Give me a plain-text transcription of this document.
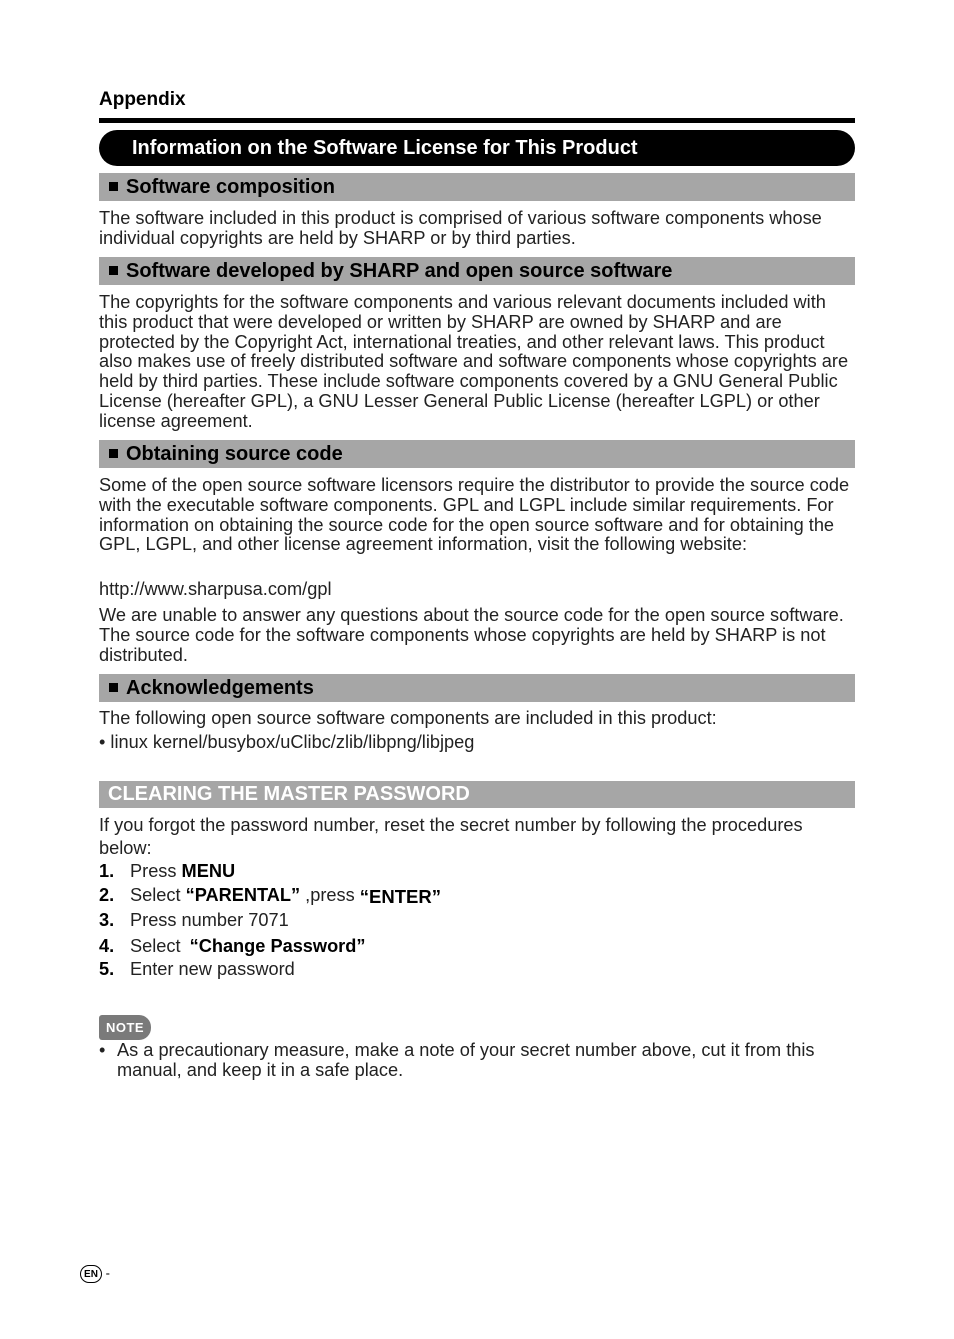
Appendix
Information on the Software License for This Product
Software composition
The software included in this product is comprised of various software components whose individual copyrights are held by SHARP or by third parties.
Software developed by SHARP and open source software
The copyrights for the software components and various relevant documents included with this product that were developed or written by SHARP are owned by SHARP and are protected by the Copyright Act, international treaties, and other relevant laws. This product also makes use of freely distributed software and software components whose copyrights are held by third parties. These include software components covered by a GNU General Public License (hereafter GPL), a GNU Lesser General Public License (hereafter LGPL) or other license agreement.
Obtaining source code
Some of the open source software licensors require the distributor to provide the source code with the executable software components. GPL and LGPL include similar requirements. For information on obtaining the source code for the open source software and for obtaining the GPL, LGPL, and other license agreement information, visit the following website:
http://www.sharpusa.com/gpl
We are unable to answer any questions about the source code for the open source software. The source code for the software components whose copyrights are held by SHARP is not distributed.
Acknowledgements
The following open source software components are included in this product:
• linux kernel/busybox/uClibc/zlib/libpng/libjpeg
CLEARING THE MASTER PASSWORD
If you forgot the password number, reset the secret number by following the procedures below:
1. Press MENU
2. Select “PARENTAL” ,press “ENTER”
3. Press number 7071
4. Select “Change Password”
5. Enter new password
NOTE
• As a precautionary measure, make a note of your secret number above, cut it from this manual, and keep it in a safe place.
EN -
